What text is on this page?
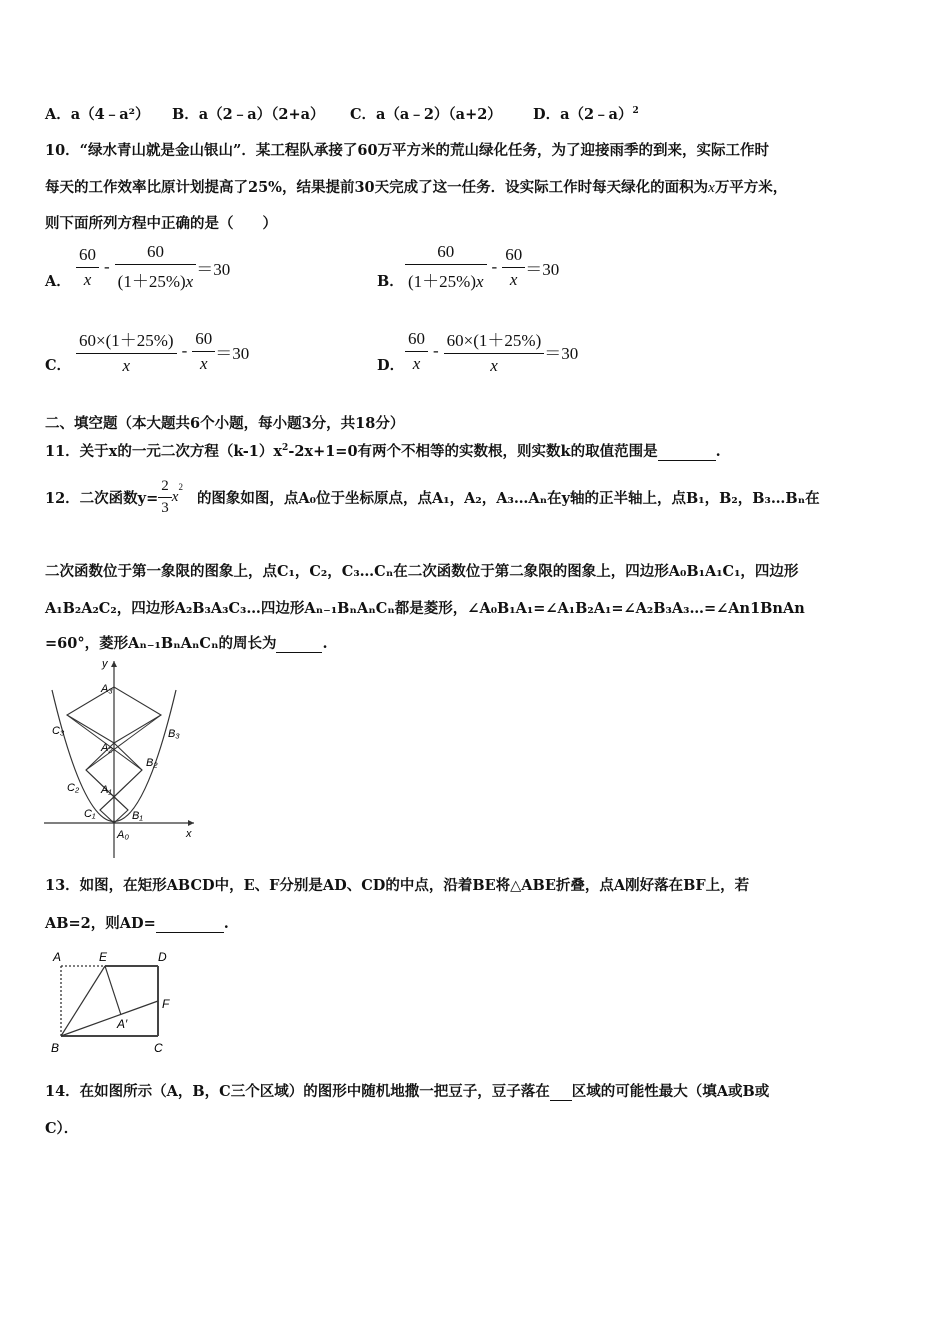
A．a（4﹣a²） B．a（2﹣a）（2+a） C．a（a﹣2）（a+2） D．a（2﹣a）$^2$
10．“绿水青山就是金山银山”．某工程队承接了60万平方米的荒山绿化任务，为了迎接雨季的到来，实际工作时
每天的工作效率比原计划提高了25%，结果提前30天完成了这一任务．设实际工作时每天绿化的面积为x万平方米，
则下面所列方程中正确的是（　　）
A． $\frac{60}{x} - \frac{60}{(1+25\%)x} =30$
B． $\frac{60}{(1+25\%)x} - \frac{60}{x} =30$
C． $\frac{60\times(1+25\%)}{x} - \frac{60}{x} =30$
D． $\frac{60}{x} - \frac{60\times(1+25\%)}{x} =30$
二、填空题（本大题共6个小题，每小题3分，共18分）
11．关于x的一元二次方程$(k-1)x^2-2x+1=0$有两个不相等的实数根，则实数k的取值范围是	.
12．二次函数$y= \frac{2}{3}$ x
$^2$
的图象如图，点A₀位于坐标原点，点A₁，A₂，A₃…Aₙ在y轴的正半轴上，点B₁，B₂，B₃…Bₙ在
二次函数位于第一象限的图象上，点C₁，C₂，C₃…Cₙ在二次函数位于第二象限的图象上，四边形A₀B₁A₁C₁，四边形
A₁B₂A₂C₂，四边形A₂B₃A₃C₃…四边形Aₙ₋₁BₙAₙCₙ都是菱形，∠A₀B₁A₁=∠A₁B₂A₁=∠A₂B₃A₃…=∠An1BnAn
=60°，菱形Aₙ₋₁BₙAₙCₙ的周长为	.
y
x
A₀
A₁
A₂
A₃
B₁
B₂
B₃
C₁
C₂
C₃
13．如图，在矩形ABCD中，E、F分别是AD、CD的中点，沿着BE将△ABE折叠，点A刚好落在BF上，若
AB=2，则AD=	.
A	E	D
F
A′
B	C
14．在如图所示（A，B，C三个区域）的图形中随机地撒一把豆子，豆子落在 区域的可能性最大（填A或B或
C）．
